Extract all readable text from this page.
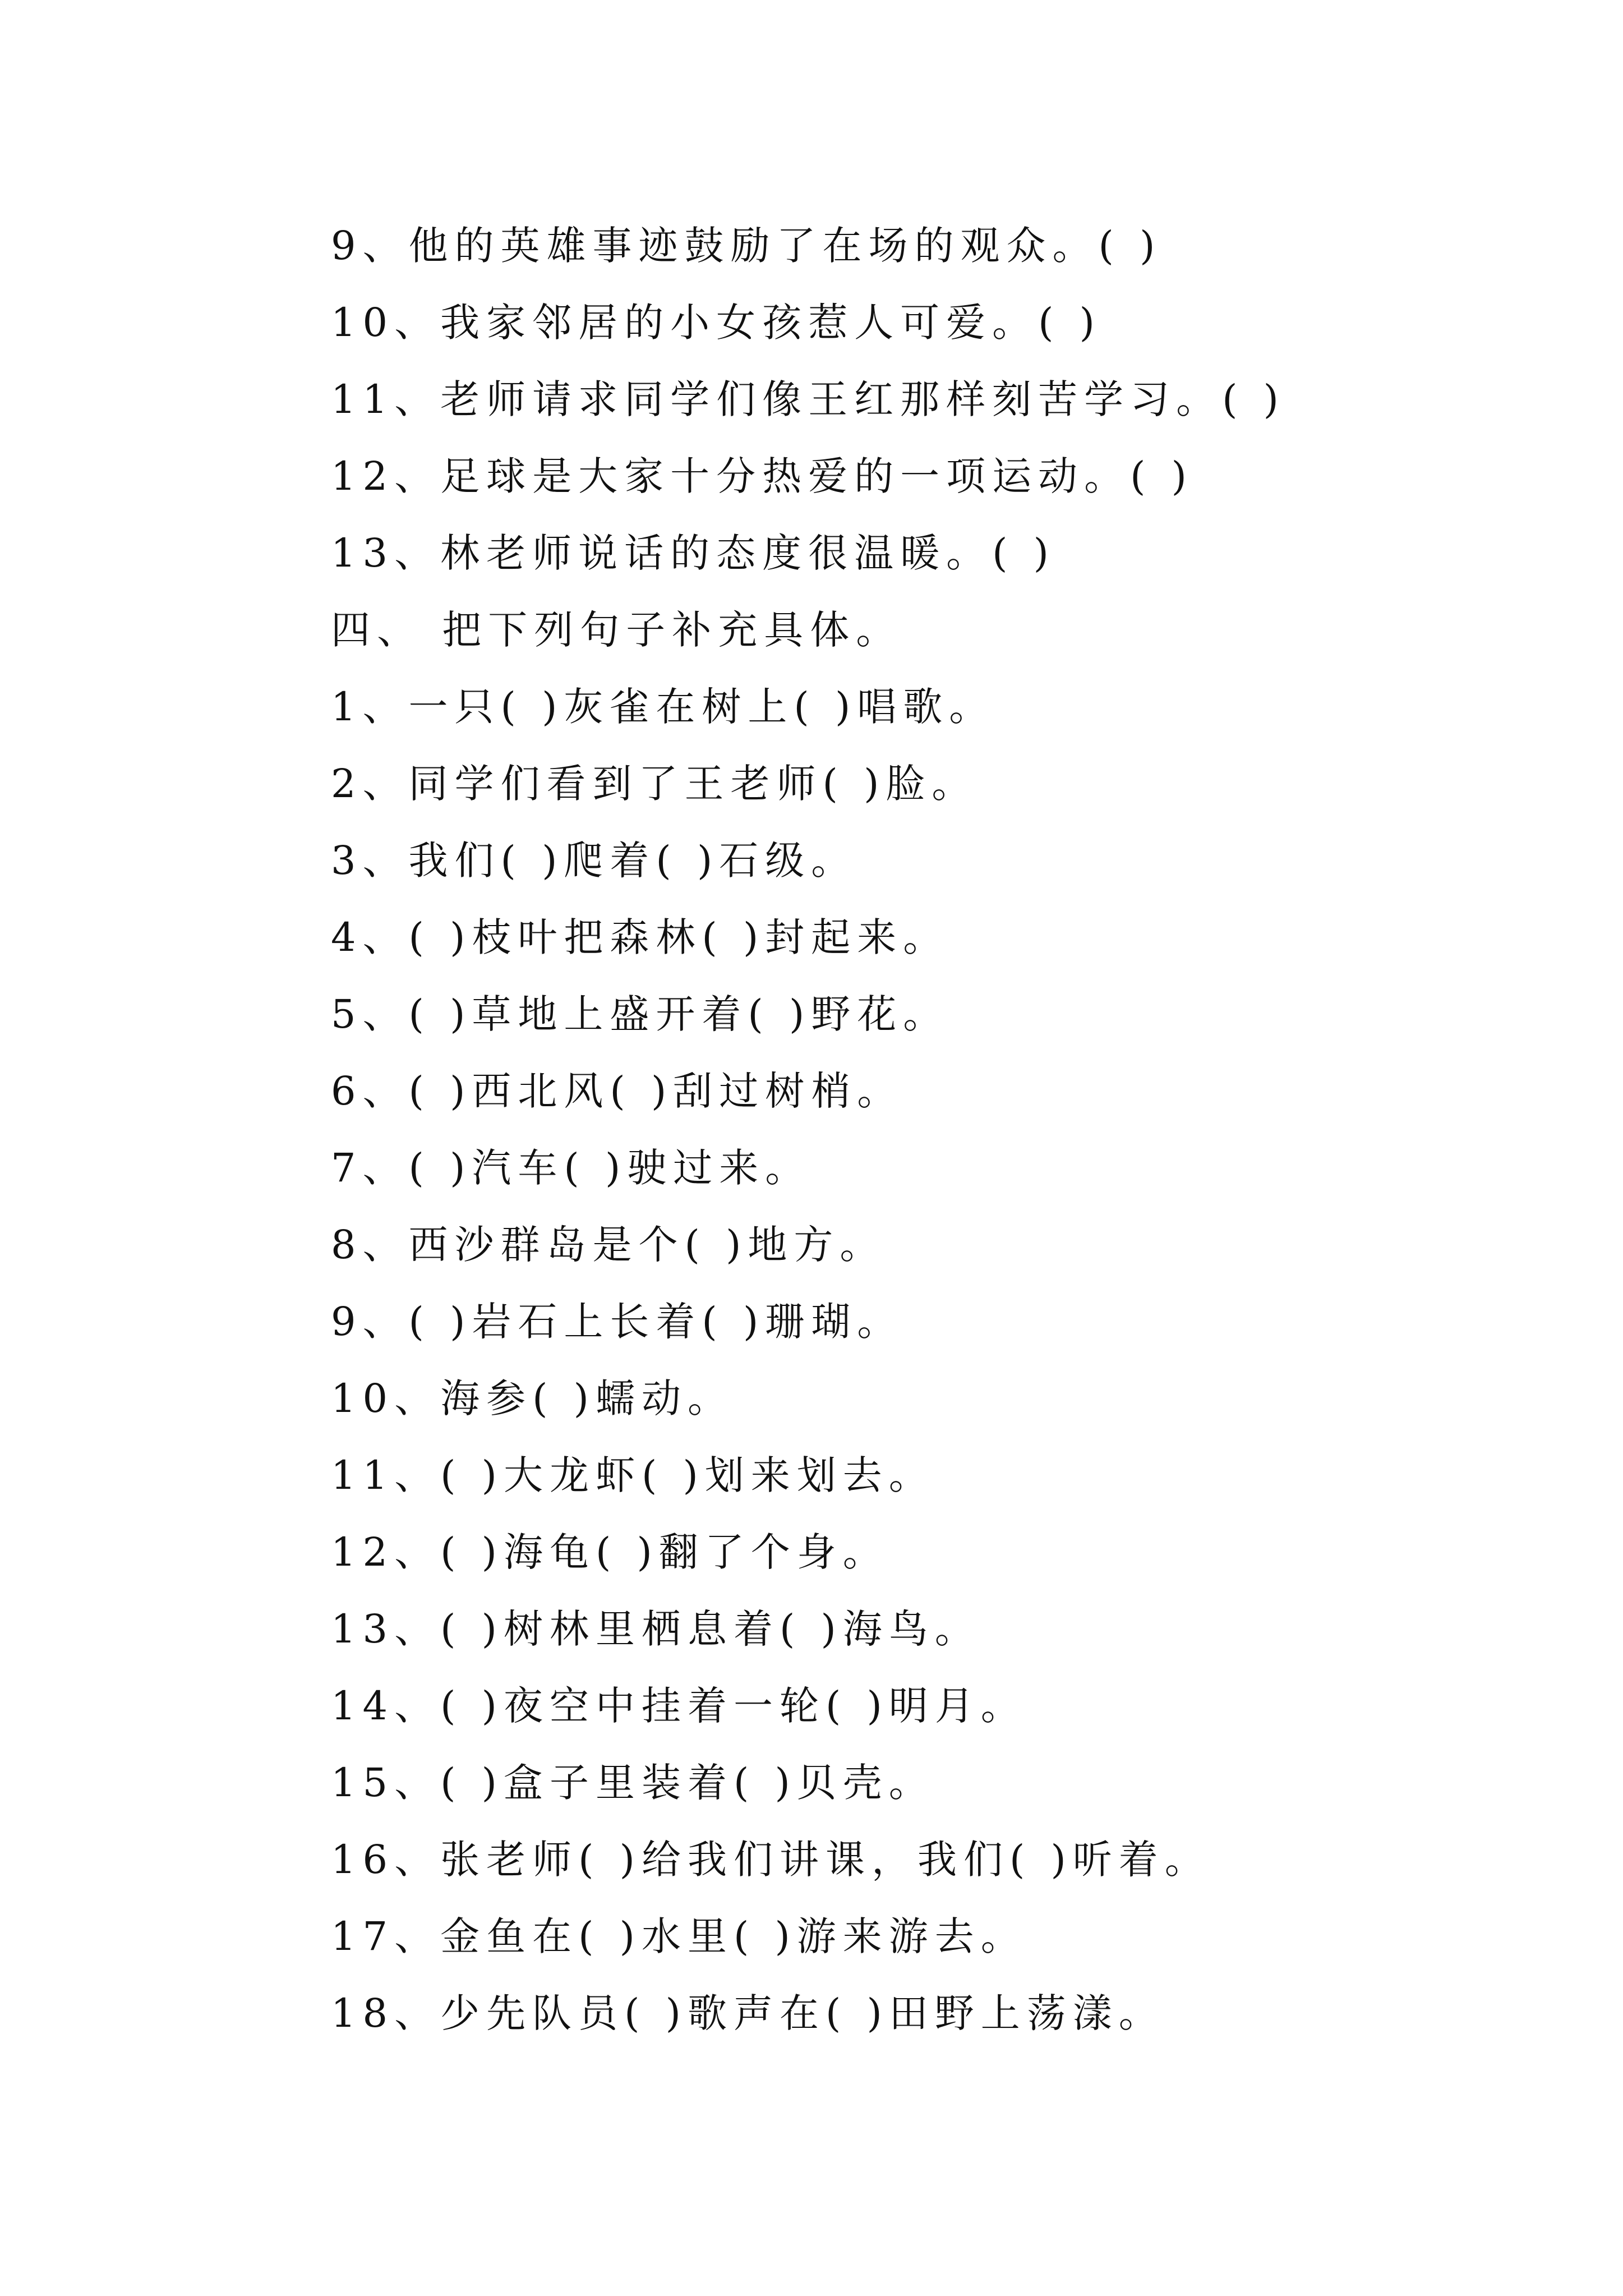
9、他的英雄事迹鼓励了在场的观众。( )
10、我家邻居的小女孩惹人可爱。( )
11、老师请求同学们像王红那样刻苦学习。( )
12、足球是大家十分热爱的一项运动。( )
13、林老师说话的态度很温暖。( )
四、 把下列句子补充具体。
1、一只( )灰雀在树上( )唱歌。
2、同学们看到了王老师( )脸。
3、我们( )爬着( )石级。
4、( )枝叶把森林( )封起来。
5、( )草地上盛开着( )野花。
6、( )西北风( )刮过树梢。
7、( )汽车( )驶过来。
8、西沙群岛是个( )地方。
9、( )岩石上长着( )珊瑚。
10、海参( )蠕动。
11、( )大龙虾( )划来划去。
12、( )海龟( )翻了个身。
13、( )树林里栖息着( )海鸟。
14、( )夜空中挂着一轮( )明月。
15、( )盒子里装着( )贝壳。
16、张老师( )给我们讲课，我们( )听着。
17、金鱼在( )水里( )游来游去。
18、少先队员( )歌声在( )田野上荡漾。
